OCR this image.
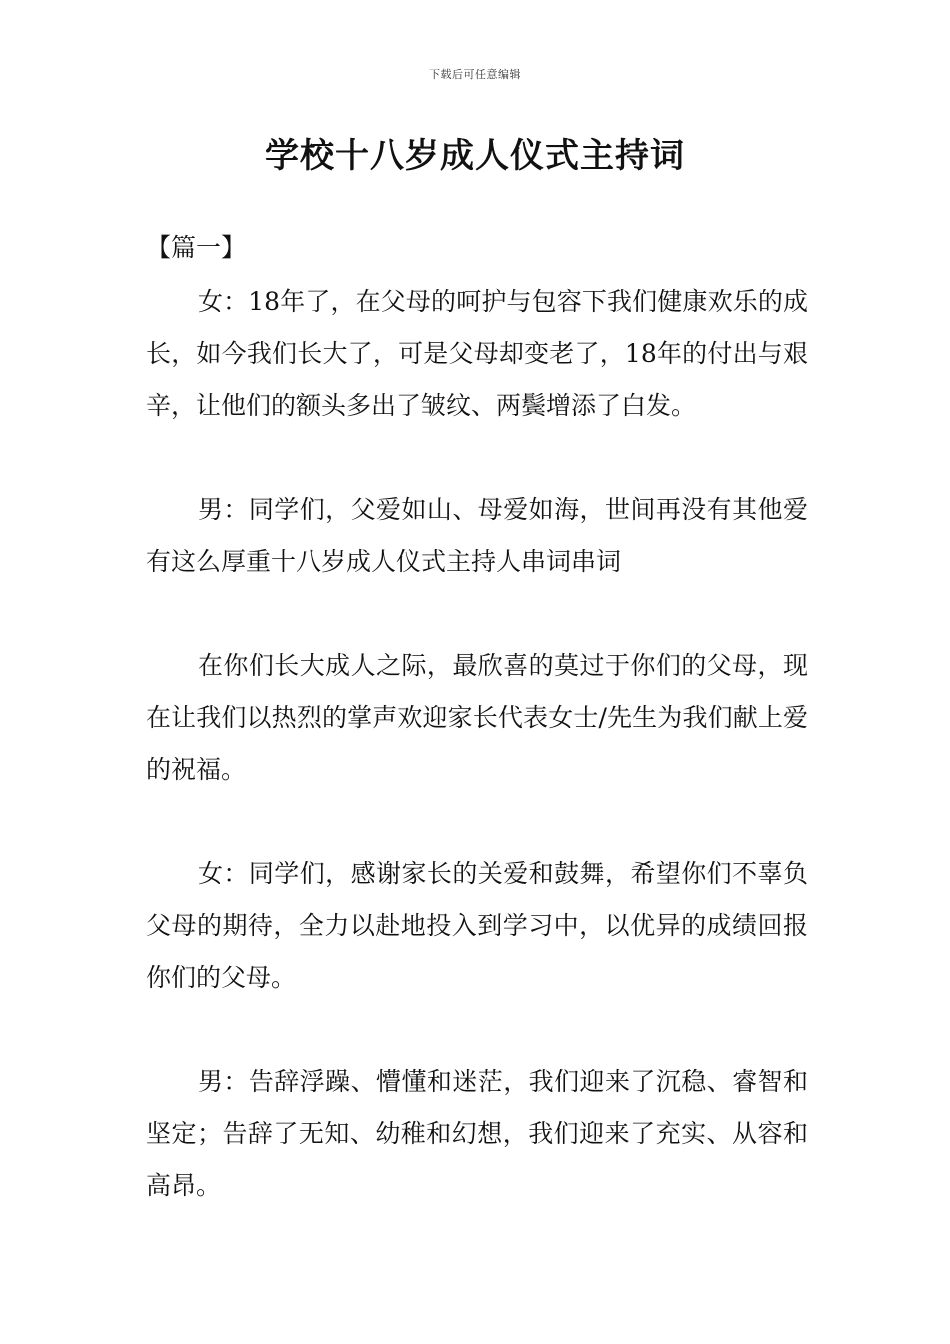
下载后可任意编辑
学校十八岁成人仪式主持词
【篇一】

女：18年了，在父母的呵护与包容下我们健康欢乐的成长，如今我们长大了，可是父母却变老了，18年的付出与艰辛，让他们的额头多出了皱纹、两鬓增添了白发。

男：同学们，父爱如山、母爱如海，世间再没有其他爱有这么厚重十八岁成人仪式主持人串词串词

在你们长大成人之际，最欣喜的莫过于你们的父母，现在让我们以热烈的掌声欢迎家长代表女士/先生为我们献上爱的祝福。

女：同学们，感谢家长的关爱和鼓舞，希望你们不辜负父母的期待，全力以赴地投入到学习中，以优异的成绩回报你们的父母。

男：告辞浮躁、懵懂和迷茫，我们迎来了沉稳、睿智和坚定；告辞了无知、幼稚和幻想，我们迎来了充实、从容和高昂。
